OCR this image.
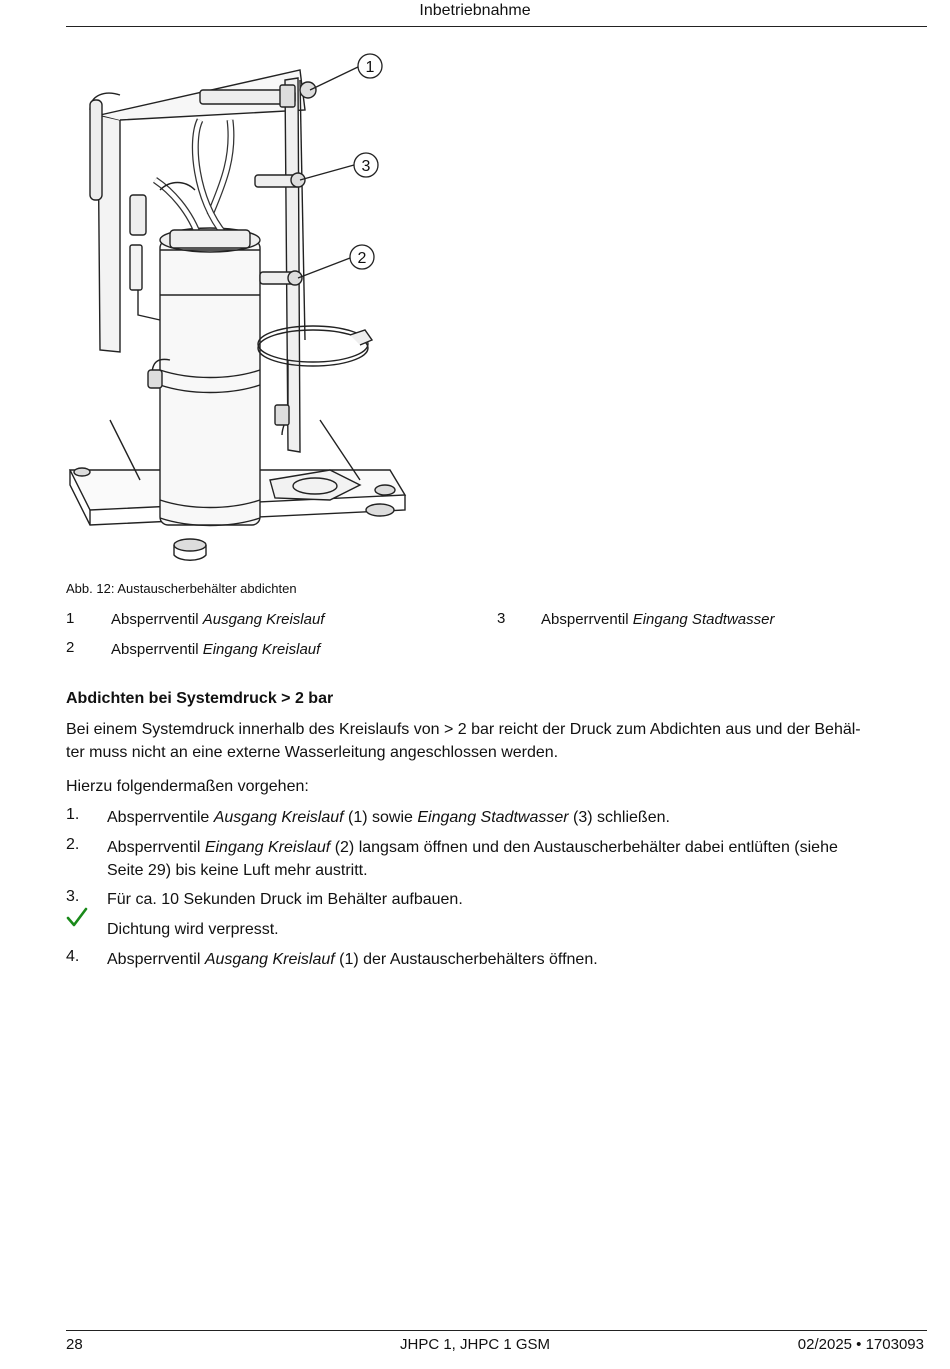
Inbetriebnahme
1
3
2
Abb. 12: Austauscherbehälter abdichten
1 Absperrventil Ausgang Kreislauf	3 Absperrventil Eingang Stadtwasser
2 Absperrventil Eingang Kreislauf
Abdichten bei Systemdruck > 2 bar
Bei einem Systemdruck innerhalb des Kreislaufs von > 2 bar reicht der Druck zum Abdichten aus und der Behäl-
ter muss nicht an eine externe Wasserleitung angeschlossen werden.
Hierzu folgendermaßen vorgehen:
1. Absperrventile Ausgang Kreislauf (1) sowie Eingang Stadtwasser (3) schließen.
2. Absperrventil Eingang Kreislauf (2) langsam öffnen und den Austauscherbehälter dabei entlüften (siehe
Seite 29) bis keine Luft mehr austritt.
3. Für ca. 10 Sekunden Druck im Behälter aufbauen.
Dichtung wird verpresst.
4. Absperrventil Ausgang Kreislauf (1) der Austauscherbehälters öffnen.
28	JHPC 1, JHPC 1 GSM	02/2025 • 1703093
